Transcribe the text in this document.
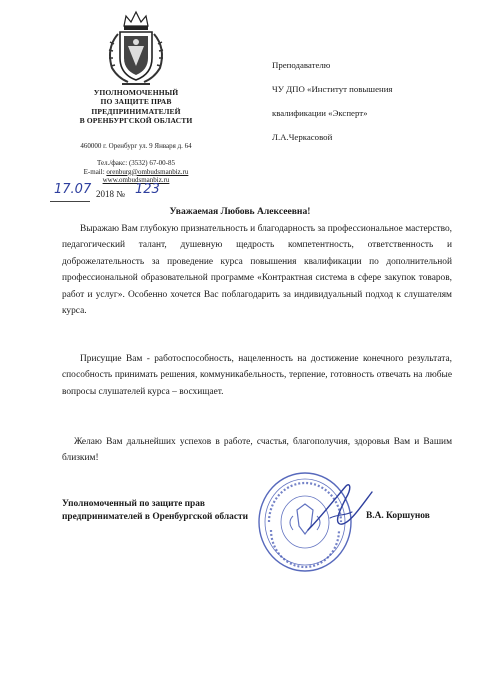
УПОЛНОМОЧЕННЫЙ
ПО ЗАЩИТЕ ПРАВ
ПРЕДПРИНИМАТЕЛЕЙ
В ОРЕНБУРГСКОЙ ОБЛАСТИ
460000 г. Оренбург ул. 9 Января д. 64
Тел./факс: (3532) 67-00-85
E-mail: orenburg@ombudsmanbiz.ru
www.ombudsmanbiz.ru
Преподавателю
ЧУ ДПО «Институт повышения
квалификации «Эксперт»
Л.А.Черкасовой
17.07 2018 № 123
Уважаемая Любовь Алексеевна!
Выражаю Вам глубокую признательность и благодарность за профессиональное мастерство, педагогический талант, душевную щедрость компетентность, ответственность и доброжелательность за проведение курса повышения квалификации по дополнительной профессиональной образовательной программе «Контрактная система в сфере закупок товаров, работ и услуг». Особенно хочется Вас поблагодарить за индивидуальный подход к слушателям курса.
Присущие Вам - работоспособность, нацеленность на достижение конечного результата, способность принимать решения, коммуникабельность, терпение, готовность отвечать на любые вопросы слушателей курса – восхищает.
Желаю Вам дальнейших успехов в работе, счастья, благополучия, здоровья Вам и Вашим близким!
Уполномоченный по защите прав
предпринимателей в Оренбургской области	В.А. Коршунов
